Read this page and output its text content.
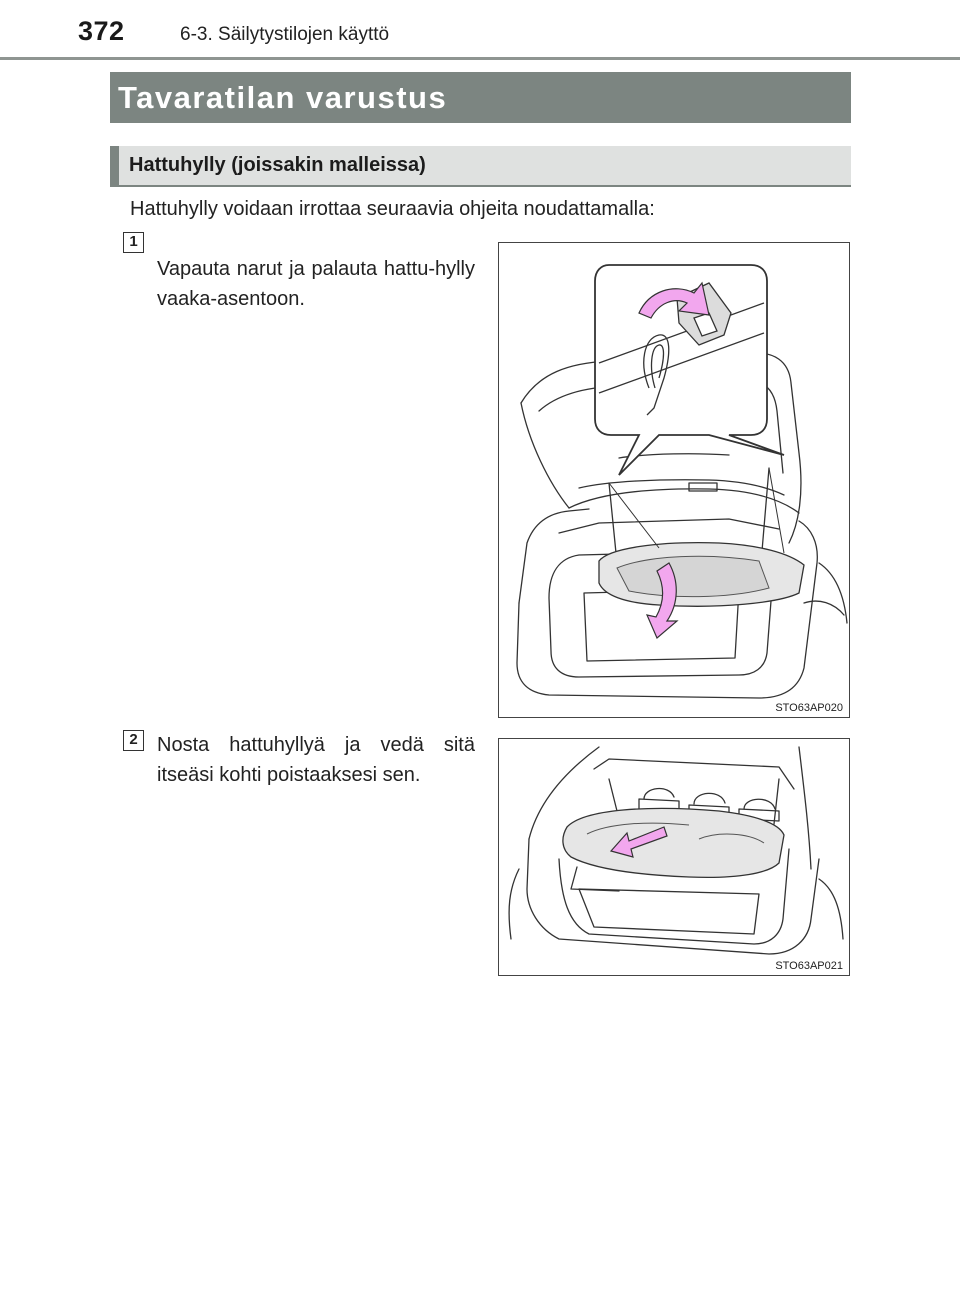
372	6-3. Säilytystilojen käyttö
Tavaratilan varustus
Hattuhylly (joissakin malleissa)
Hattuhylly voidaan irrottaa seuraavia ohjeita noudattamalla:
1
Vapauta narut ja palauta hattu-hylly vaaka-asentoon.
STO63AP020
2 Nosta hattuhyllyä ja vedä sitä itseäsi kohti poistaaksesi sen.
STO63AP021
